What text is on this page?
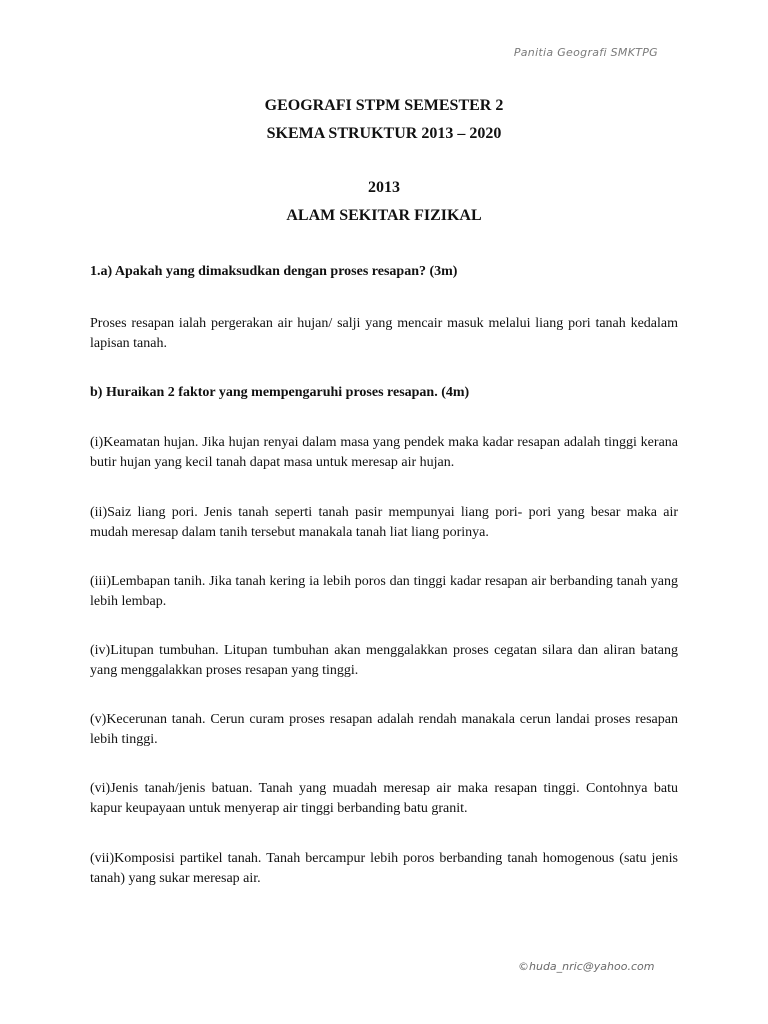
Panitia Geografi SMKTPG
GEOGRAFI STPM SEMESTER 2
SKEMA STRUKTUR 2013 – 2020
2013
ALAM SEKITAR FIZIKAL
1.a) Apakah yang dimaksudkan dengan proses resapan? (3m)
Proses resapan ialah pergerakan air hujan/ salji yang mencair masuk melalui liang pori tanah kedalam lapisan tanah.
b) Huraikan 2 faktor yang mempengaruhi proses resapan. (4m)
(i)Keamatan hujan. Jika hujan renyai dalam masa yang pendek maka kadar resapan adalah tinggi kerana butir hujan yang kecil tanah dapat masa untuk meresap air hujan.
(ii)Saiz liang pori. Jenis tanah seperti tanah pasir mempunyai liang pori- pori yang besar maka air mudah meresap dalam tanih tersebut manakala tanah liat liang porinya.
(iii)Lembapan tanih. Jika tanah kering ia lebih poros dan tinggi kadar resapan air berbanding tanah yang lebih lembap.
(iv)Litupan tumbuhan. Litupan tumbuhan akan menggalakkan proses cegatan silara dan aliran batang yang menggalakkan proses resapan yang tinggi.
(v)Kecerunan tanah. Cerun curam proses resapan adalah rendah manakala cerun landai proses resapan lebih tinggi.
(vi)Jenis tanah/jenis batuan. Tanah yang muadah meresap air maka resapan tinggi. Contohnya batu kapur keupayaan untuk menyerap air tinggi berbanding batu granit.
(vii)Komposisi partikel tanah. Tanah bercampur lebih poros berbanding tanah homogenous (satu jenis tanah) yang sukar meresap air.
©huda_nric@yahoo.com
